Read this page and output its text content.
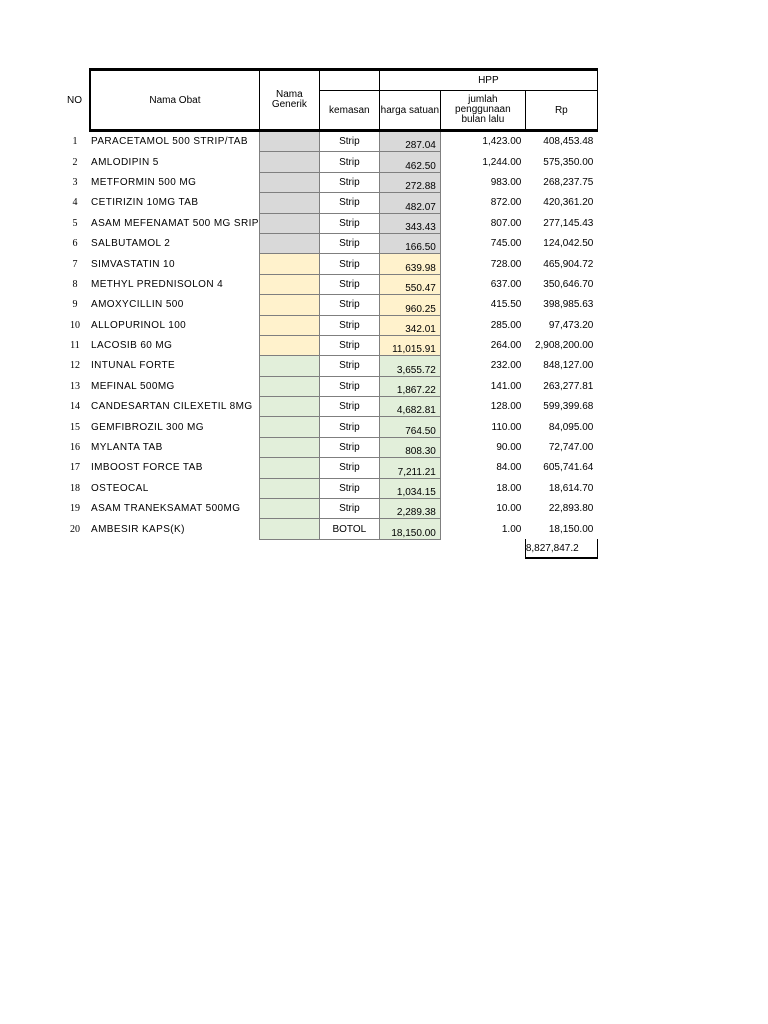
NO	Nama Obat	Nama Generik		HPP		
			kemasan	harga satuan	jumlah penggunaan bulan lalu	Rp
1	PARACETAMOL 500 STRIP/TAB		Strip	287.04	1,423.00	408,453.48
2	AMLODIPIN 5		Strip	462.50	1,244.00	575,350.00
3	METFORMIN 500 MG		Strip	272.88	983.00	268,237.75
4	CETIRIZIN 10MG TAB		Strip	482.07	872.00	420,361.20
5	ASAM MEFENAMAT 500 MG SRIP		Strip	343.43	807.00	277,145.43
6	SALBUTAMOL 2		Strip	166.50	745.00	124,042.50
7	SIMVASTATIN 10		Strip	639.98	728.00	465,904.72
8	METHYL PREDNISOLON 4		Strip	550.47	637.00	350,646.70
9	AMOXYCILLIN 500		Strip	960.25	415.50	398,985.63
10	ALLOPURINOL 100		Strip	342.01	285.00	97,473.20
11	LACOSIB 60 MG		Strip	11,015.91	264.00	2,908,200.00
12	INTUNAL FORTE		Strip	3,655.72	232.00	848,127.00
13	MEFINAL 500MG		Strip	1,867.22	141.00	263,277.81
14	CANDESARTAN CILEXETIL 8MG		Strip	4,682.81	128.00	599,399.68
15	GEMFIBROZIL 300 MG		Strip	764.50	110.00	84,095.00
16	MYLANTA TAB		Strip	808.30	90.00	72,747.00
17	IMBOOST FORCE TAB		Strip	7,211.21	84.00	605,741.64
18	OSTEOCAL		Strip	1,034.15	18.00	18,614.70
19	ASAM TRANEKSAMAT 500MG		Strip	2,289.38	10.00	22,893.80
20	AMBESIR KAPS(K)		BOTOL	18,150.00	1.00	18,150.00
						8,827,847.2
